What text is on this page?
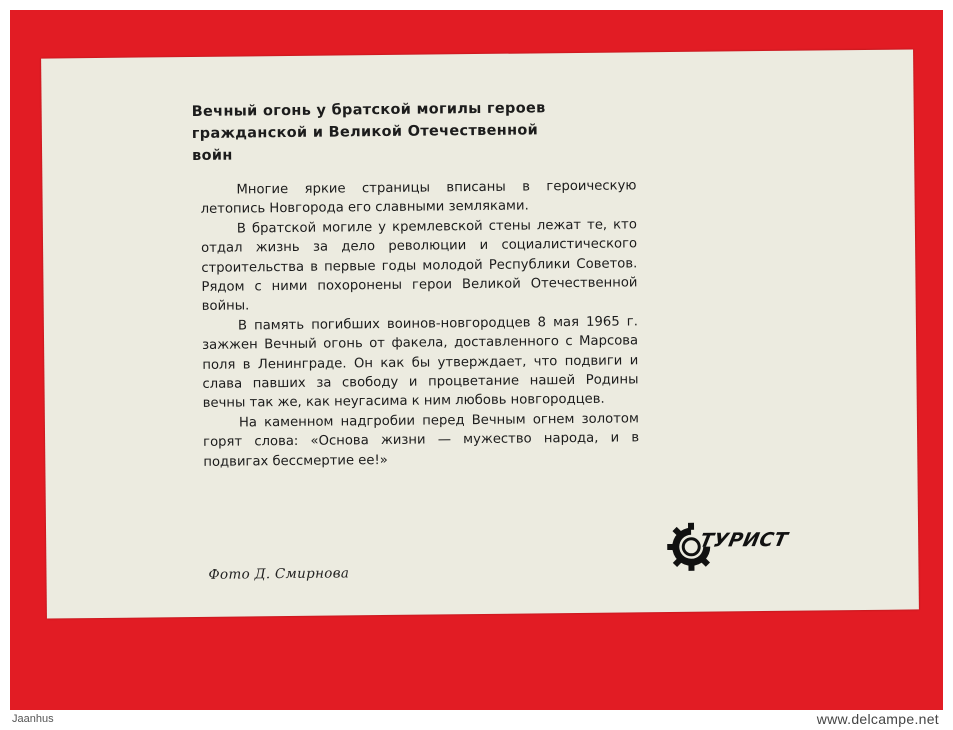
Вечный огонь у братской могилы героев
гражданской и Великой Отечественной
войн

Многие яркие страницы вписаны в героическую летопись Новгорода его славными земляками.

В братской могиле у кремлевской стены лежат те, кто отдал жизнь за дело революции и социалистического строительства в первые годы молодой Республики Советов. Рядом с ними похоронены герои Великой Отечественной войны.

В память погибших воинов-новгородцев 8 мая 1965 г. зажжен Вечный огонь от факела, доставленного с Марсова поля в Ленинграде. Он как бы утверждает, что подвиги и слава павших за свободу и процветание нашей Родины вечны так же, как неугасима к ним любовь новгородцев.

На каменном надгробии перед Вечным огнем золотом горят слова: «Основа жизни — мужество народа, и в подвигах бессмертие ее!»

Фото Д. Смирнова
ТУРИСТ
Jaanhus	www.delcampe.net
